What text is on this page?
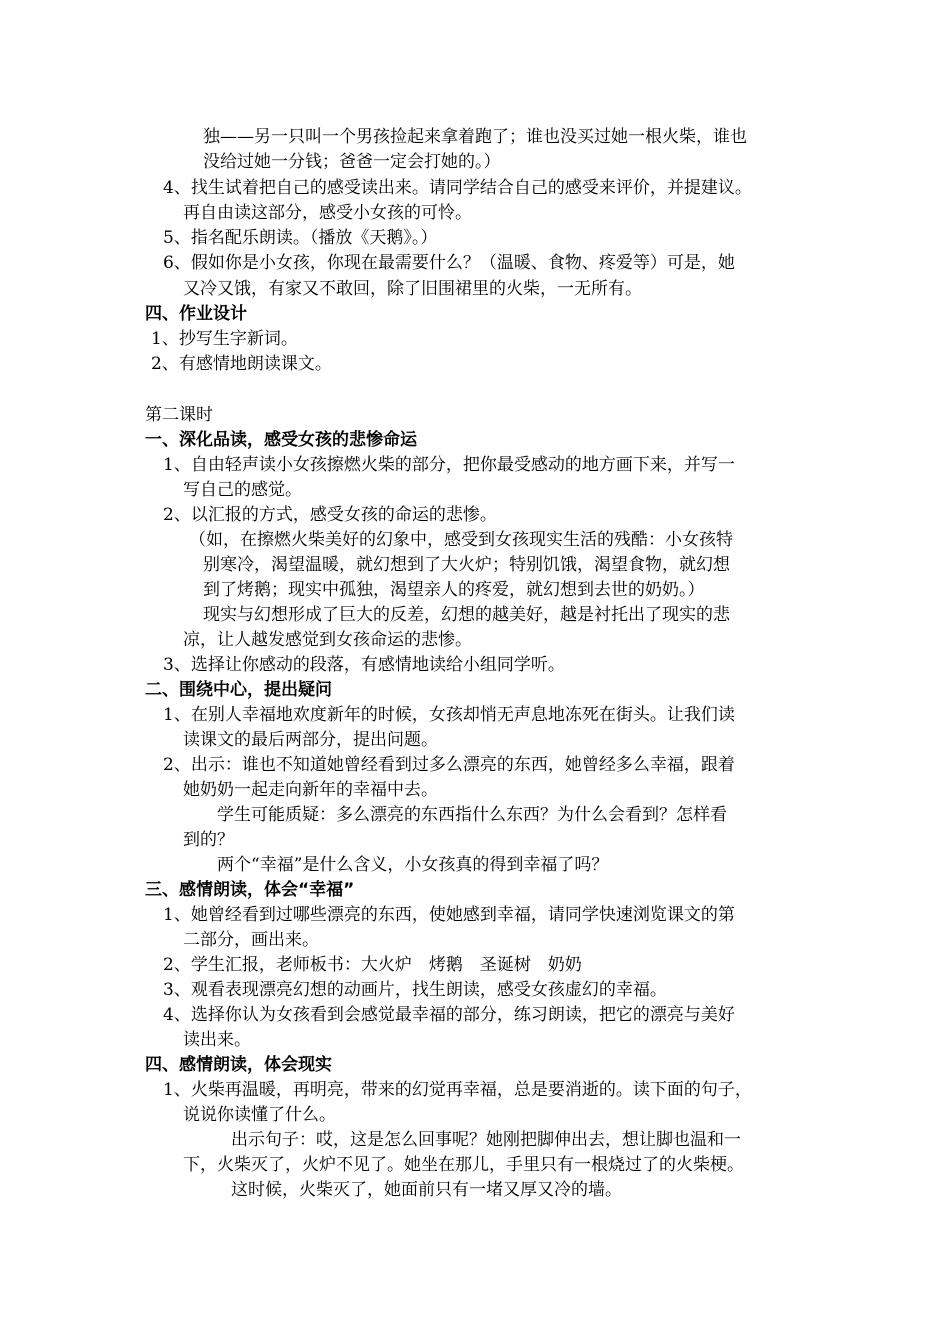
独——另一只叫一个男孩捡起来拿着跑了；谁也没买过她一根火柴，谁也
没给过她一分钱；爸爸一定会打她的。）
4、找生试着把自己的感受读出来。请同学结合自己的感受来评价，并提建议。
再自由读这部分，感受小女孩的可怜。
5、指名配乐朗读。（播放《天鹅》。）
6、假如你是小女孩，你现在最需要什么？（温暖、食物、疼爱等）可是，她
又冷又饿，有家又不敢回，除了旧围裙里的火柴，一无所有。
四、作业设计
1、抄写生字新词。
2、有感情地朗读课文。
第二课时
一、深化品读，感受女孩的悲惨命运
1、自由轻声读小女孩擦燃火柴的部分，把你最受感动的地方画下来，并写一
写自己的感觉。
2、以汇报的方式，感受女孩的命运的悲惨。
（如，在擦燃火柴美好的幻象中，感受到女孩现实生活的残酷：小女孩特
别寒冷，渴望温暖，就幻想到了大火炉；特别饥饿，渴望食物，就幻想
到了烤鹅；现实中孤独，渴望亲人的疼爱，就幻想到去世的奶奶。）
现实与幻想形成了巨大的反差，幻想的越美好，越是衬托出了现实的悲
凉，让人越发感觉到女孩命运的悲惨。
3、选择让你感动的段落，有感情地读给小组同学听。
二、围绕中心，提出疑问
1、在别人幸福地欢度新年的时候，女孩却悄无声息地冻死在街头。让我们读
读课文的最后两部分，提出问题。
2、出示：谁也不知道她曾经看到过多么漂亮的东西，她曾经多么幸福，跟着
她奶奶一起走向新年的幸福中去。
学生可能质疑：多么漂亮的东西指什么东西？为什么会看到？怎样看
到的？
两个“幸福”是什么含义，小女孩真的得到幸福了吗？
三、感情朗读，体会“幸福”
1、她曾经看到过哪些漂亮的东西，使她感到幸福，请同学快速浏览课文的第
二部分，画出来。
2、学生汇报，老师板书：大火炉　烤鹅　圣诞树　奶奶
3、观看表现漂亮幻想的动画片，找生朗读，感受女孩虚幻的幸福。
4、选择你认为女孩看到会感觉最幸福的部分，练习朗读，把它的漂亮与美好
读出来。
四、感情朗读，体会现实
1、火柴再温暖，再明亮，带来的幻觉再幸福，总是要消逝的。读下面的句子，
说说你读懂了什么。
出示句子：哎，这是怎么回事呢？她刚把脚伸出去，想让脚也温和一
下，火柴灭了，火炉不见了。她坐在那儿，手里只有一根烧过了的火柴梗。
这时候，火柴灭了，她面前只有一堵又厚又冷的墙。
